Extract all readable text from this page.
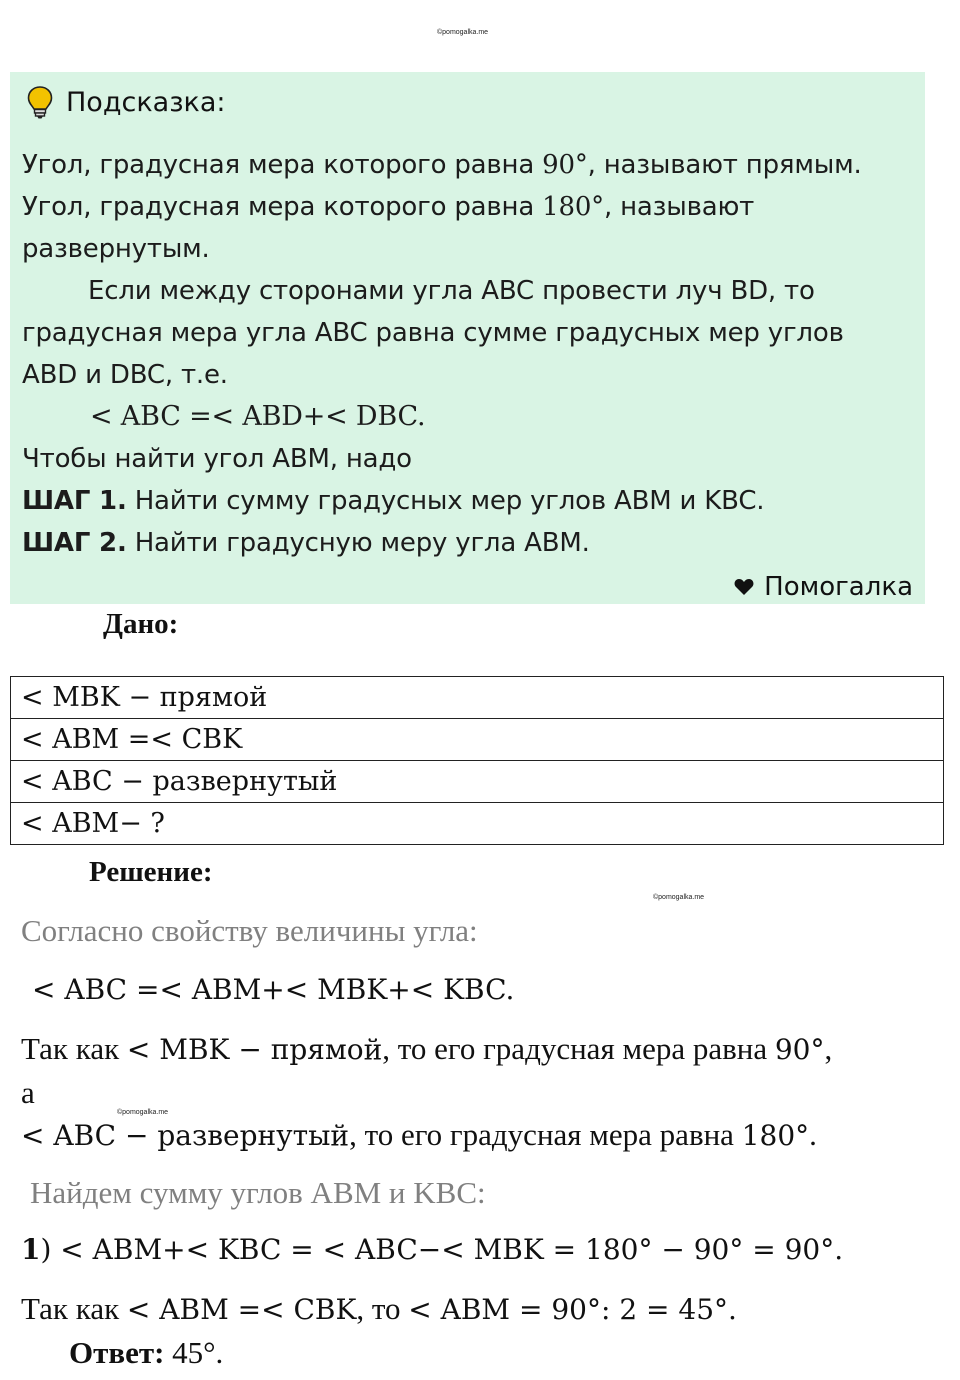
©pomogalka.me
Подсказка:
Угол, градусная мера которого равна 90°, называют прямым.
Угол, градусная мера которого равна 180°, называют
развернутым.
Если между сторонами угла ABC провести луч BD, то
градусная мера угла ABC равна сумме градусных мер углов
ABD и DBC, т.е.
< ABC =< ABD+< DBC.
Чтобы найти угол ABM, надо
ШАГ 1. Найти сумму градусных мер углов ABM и KBC.
ШАГ 2. Найти градусную меру угла ABM.
Помогалка
Дано:
< MBK − прямой
< ABM =< CBK
< ABC − развернутый
< ABM− ?
Решение:
©pomogalka.me
Согласно свойству величины угла:
< ABC =< ABM+< MBK+< KBC.
Так как < MBK − прямой, то его градусная мера равна 90°,
а
©pomogalka.me
< ABC − развернутый, то его градусная мера равна 180°.
Найдем сумму углов ABM и KBC:
1) < ABM+< KBC = < ABC−< MBK = 180° − 90° = 90°.
Так как < ABM =< CBK, то < ABM = 90°: 2 = 45°.
Ответ: 45°.
